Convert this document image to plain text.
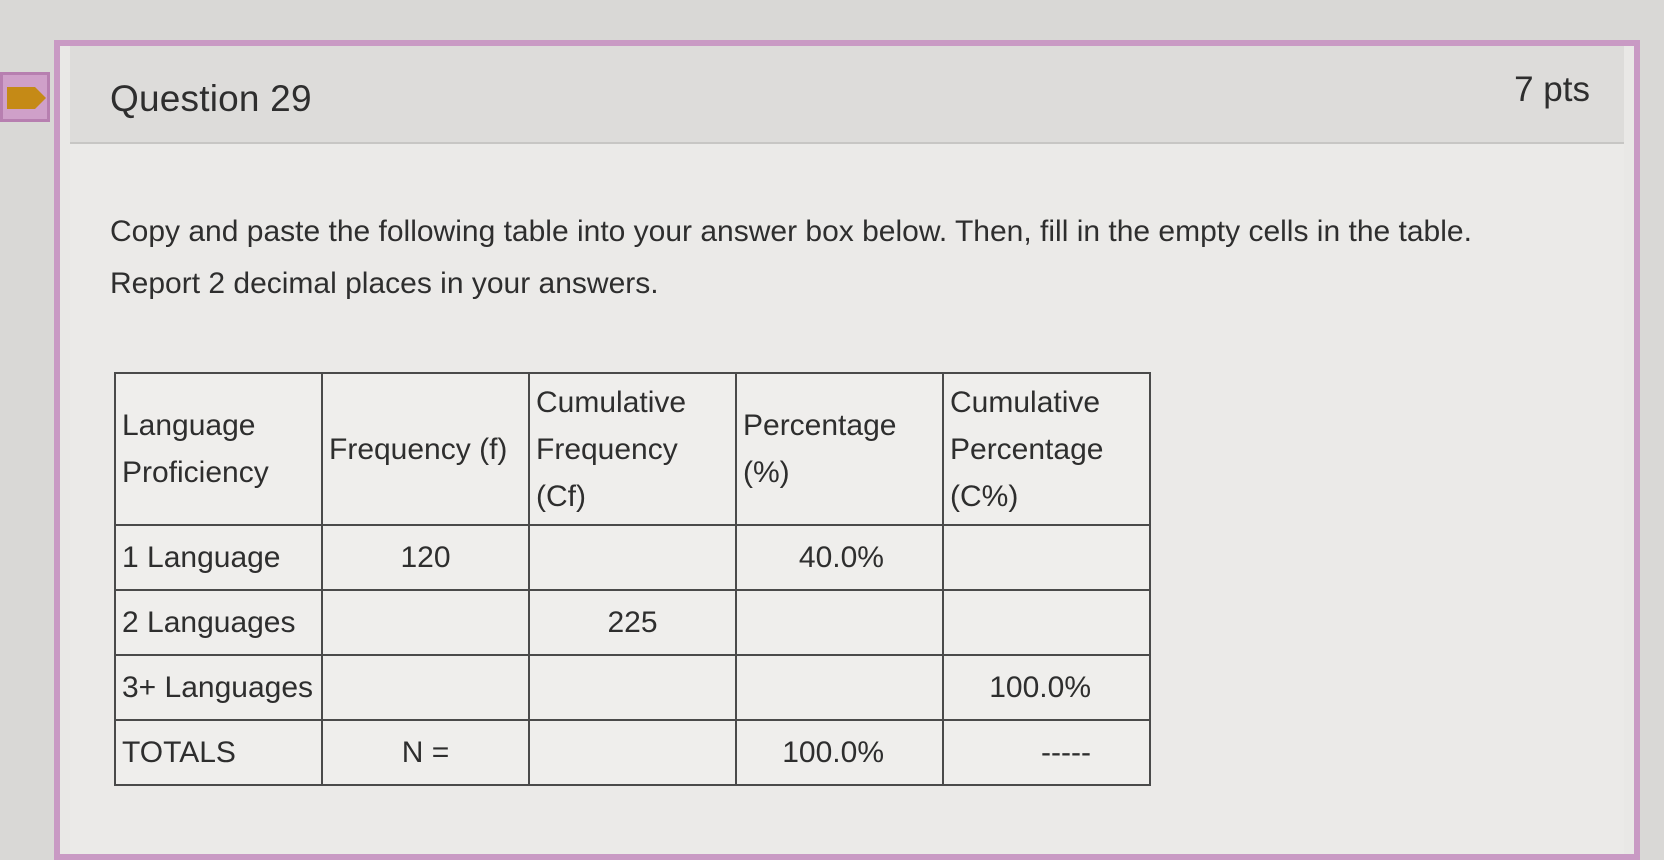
Question 29	7 pts
Copy and paste the following table into your answer box below. Then, fill in the empty cells in the table. Report 2 decimal places in your answers.
Language Proficiency	Frequency (f)	Cumulative Frequency (Cf)	Percentage (%)	Cumulative Percentage (C%)
1 Language	120		40.0%	
2 Languages		225		
3+ Languages				100.0%
TOTALS	N =		100.0%	-----
